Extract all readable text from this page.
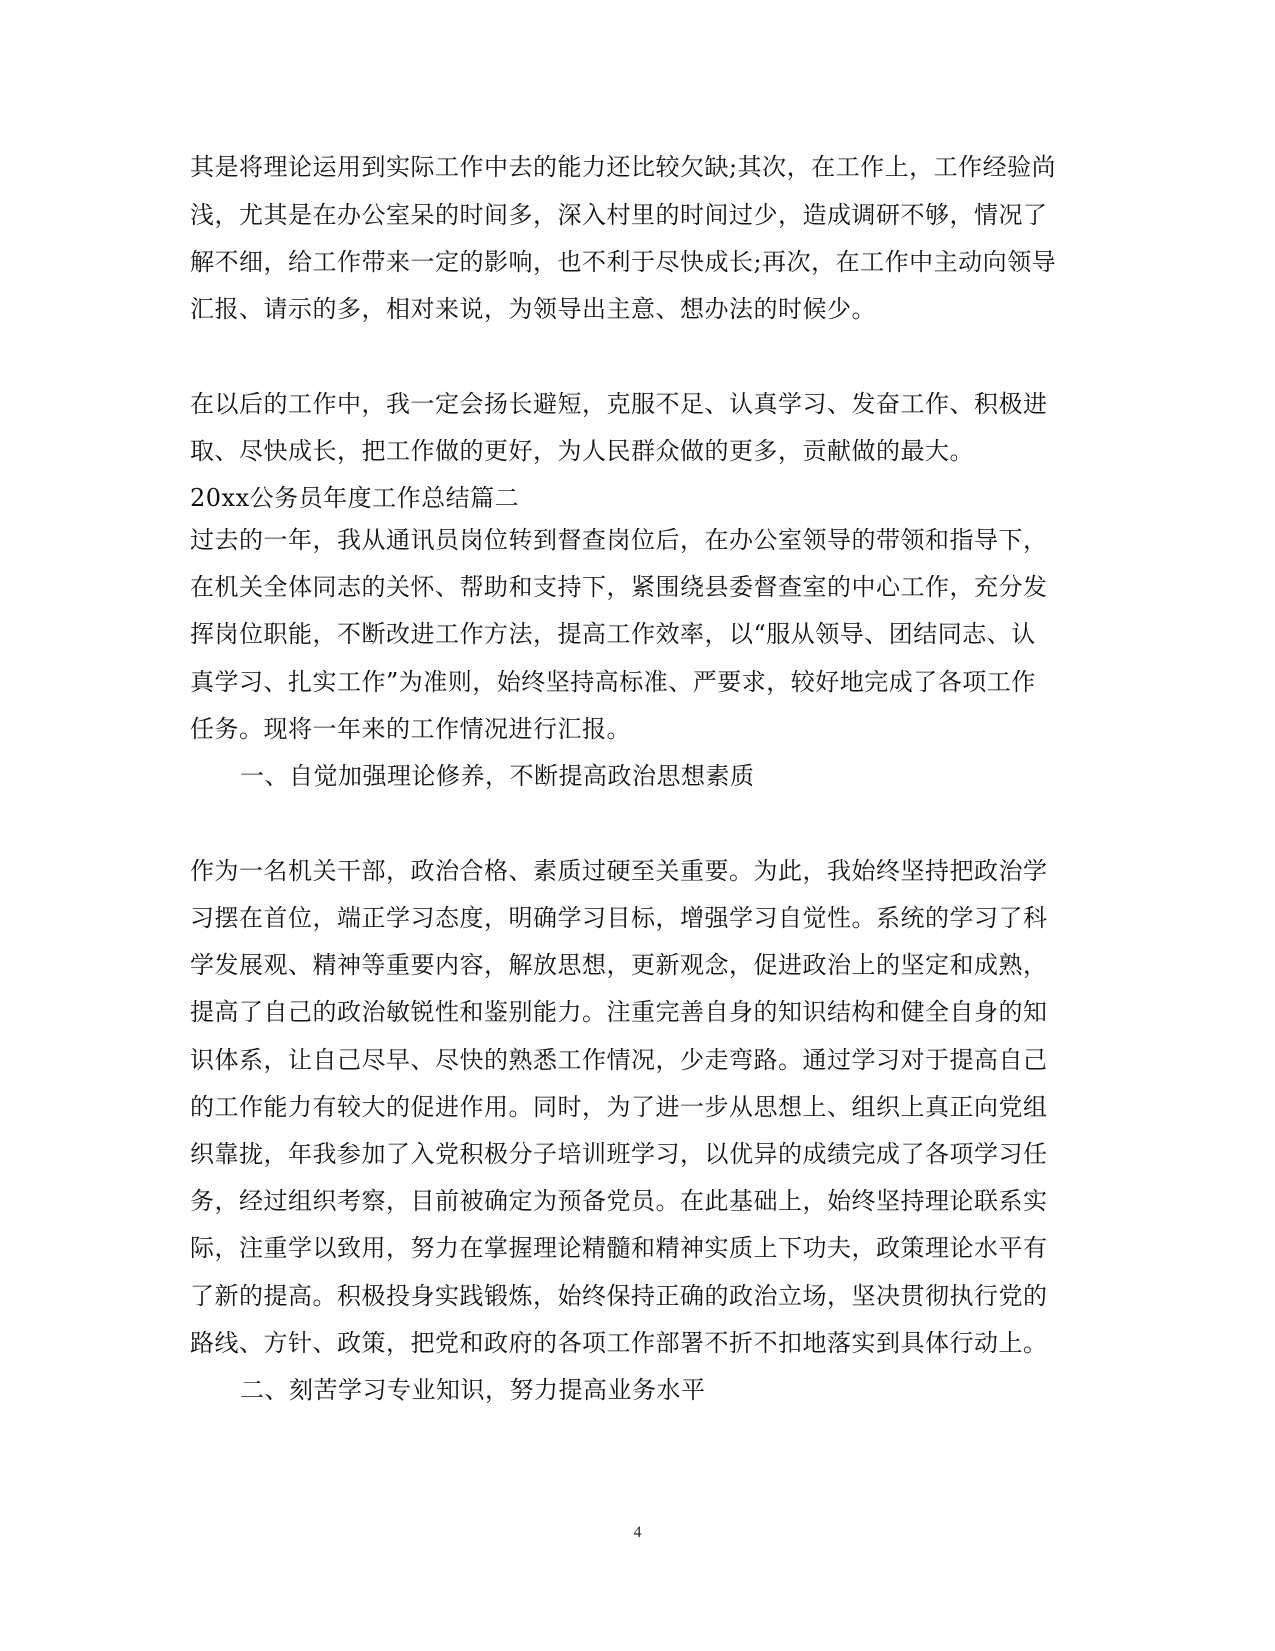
其是将理论运用到实际工作中去的能力还比较欠缺;其次，在工作上，工作经验尚
浅，尤其是在办公室呆的时间多，深入村里的时间过少，造成调研不够，情况了
解不细，给工作带来一定的影响，也不利于尽快成长;再次，在工作中主动向领导
汇报、请示的多，相对来说，为领导出主意、想办法的时候少。
在以后的工作中，我一定会扬长避短，克服不足、认真学习、发奋工作、积极进
取、尽快成长，把工作做的更好，为人民群众做的更多，贡献做的最大。
20xx公务员年度工作总结篇二
过去的一年，我从通讯员岗位转到督查岗位后，在办公室领导的带领和指导下，
在机关全体同志的关怀、帮助和支持下，紧围绕县委督查室的中心工作，充分发
挥岗位职能，不断改进工作方法，提高工作效率，以“服从领导、团结同志、认
真学习、扎实工作”为准则，始终坚持高标准、严要求，较好地完成了各项工作
任务。现将一年来的工作情况进行汇报。
一、自觉加强理论修养，不断提高政治思想素质
作为一名机关干部，政治合格、素质过硬至关重要。为此，我始终坚持把政治学
习摆在首位，端正学习态度，明确学习目标，增强学习自觉性。系统的学习了科
学发展观、精神等重要内容，解放思想，更新观念，促进政治上的坚定和成熟，
提高了自己的政治敏锐性和鉴别能力。注重完善自身的知识结构和健全自身的知
识体系，让自己尽早、尽快的熟悉工作情况，少走弯路。通过学习对于提高自己
的工作能力有较大的促进作用。同时，为了进一步从思想上、组织上真正向党组
织靠拢，年我参加了入党积极分子培训班学习，以优异的成绩完成了各项学习任
务，经过组织考察，目前被确定为预备党员。在此基础上，始终坚持理论联系实
际，注重学以致用，努力在掌握理论精髓和精神实质上下功夫，政策理论水平有
了新的提高。积极投身实践锻炼，始终保持正确的政治立场，坚决贯彻执行党的
路线、方针、政策，把党和政府的各项工作部署不折不扣地落实到具体行动上。
二、刻苦学习专业知识，努力提高业务水平
4
